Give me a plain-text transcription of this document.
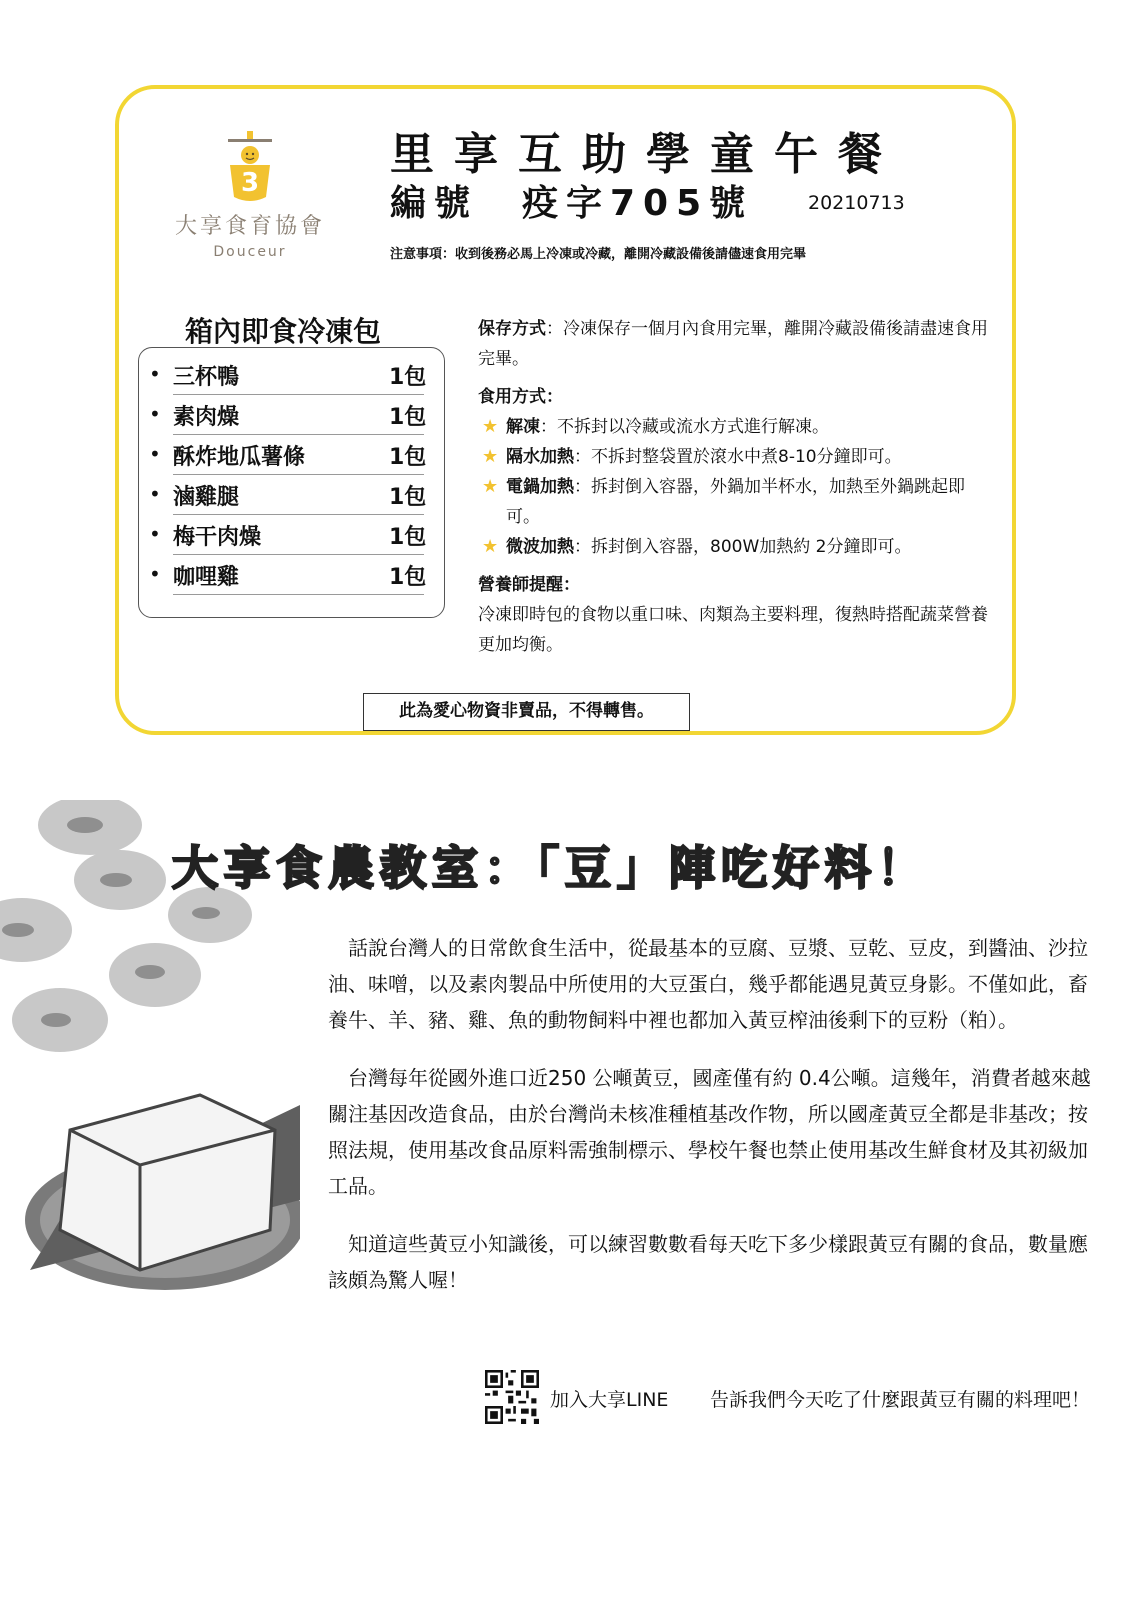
3
大享食育協會
Douceur
里享互助學童午餐
編號　疫字705號	20210713
注意事項：收到後務必馬上冷凍或冷藏，離開冷藏設備後請儘速食用完畢
箱內即食冷凍包
• 三杯鴨	1包
• 素肉燥	1包
• 酥炸地瓜薯條	1包
• 滷雞腿	1包
• 梅干肉燥	1包
• 咖哩雞	1包

保存方式：冷凍保存一個月內食用完畢，離開冷藏設備後請盡速食用完畢。

食用方式：

★ 解凍：不拆封以冷藏或流水方式進行解凍。

★ 隔水加熱：不拆封整袋置於滾水中煮8-10分鐘即可。

★ 電鍋加熱：拆封倒入容器，外鍋加半杯水，加熱至外鍋跳起即可。

★ 微波加熱：拆封倒入容器，800W加熱約 2分鐘即可。

營養師提醒：

冷凍即時包的食物以重口味、肉類為主要料理，復熱時搭配蔬菜營養更加均衡。

此為愛心物資非賣品，不得轉售。
大享食農教室：「豆」陣吃好料！

話說台灣人的日常飲食生活中，從最基本的豆腐、豆漿、豆乾、豆皮，到醬油、沙拉油、味噌，以及素肉製品中所使用的大豆蛋白，幾乎都能遇見黃豆身影。不僅如此，畜養牛、羊、豬、雞、魚的動物飼料中裡也都加入黃豆榨油後剩下的豆粉（粕）。

台灣每年從國外進口近250 公噸黃豆，國產僅有約 0.4公噸。這幾年，消費者越來越關注基因改造食品，由於台灣尚未核准種植基改作物，所以國產黃豆全都是非基改；按照法規，使用基改食品原料需強制標示、學校午餐也禁止使用基改生鮮食材及其初級加工品。

知道這些黃豆小知識後，可以練習數數看每天吃下多少樣跟黃豆有關的食品，數量應該頗為驚人喔！

加入大享LINE 告訴我們今天吃了什麼跟黃豆有關的料理吧！
